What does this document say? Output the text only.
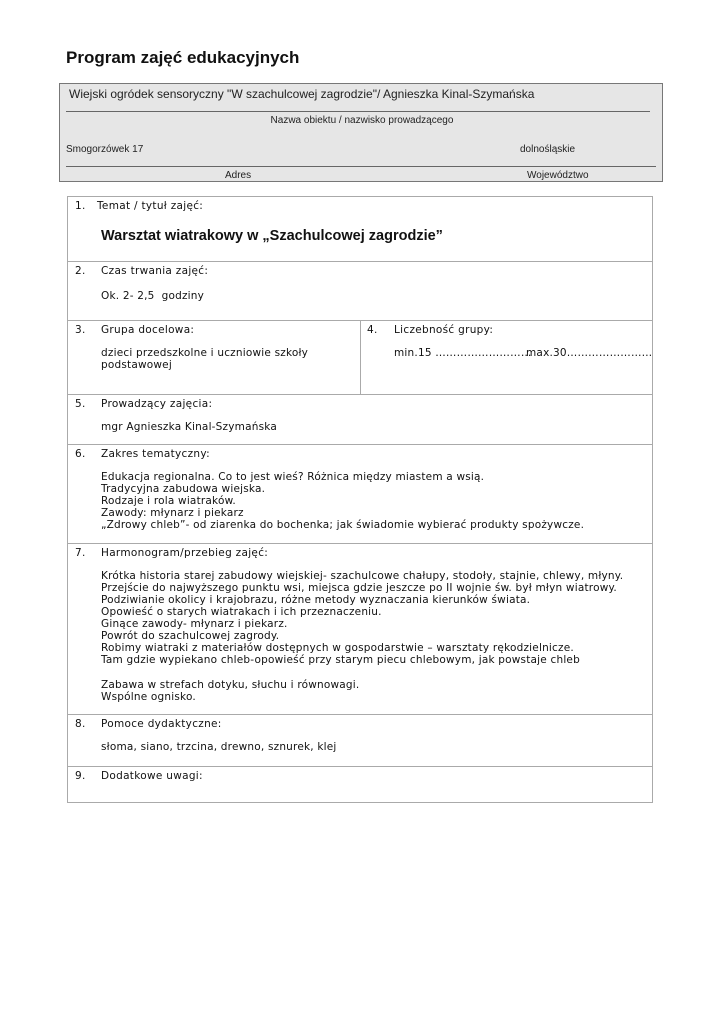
Program zajęć edukacyjnych
Wiejski ogródek sensoryczny "W szachulcowej zagrodzie"/ Agnieszka Kinal-Szymańska
Nazwa obiektu / nazwisko prowadzącego
Smogorzówek 17	dolnośląskie
Adres	Województwo
1. Temat / tytuł zajęć:
Warsztat wiatrakowy w „Szachulcowej zagrodzie”
2. Czas trwania zajęć:
Ok. 2- 2,5  godziny
3. Grupa docelowa:
dzieci przedszkolne i uczniowie szkoły
podstawowej
4. Liczebność grupy:
min.15 ………………………
max.30……………………
5. Prowadzący zajęcia:
mgr Agnieszka Kinal-Szymańska
6. Zakres tematyczny:
Edukacja regionalna. Co to jest wieś? Różnica między miastem a wsią.
Tradycyjna zabudowa wiejska.
Rodzaje i rola wiatraków.
Zawody: młynarz i piekarz
„Zdrowy chleb”- od ziarenka do bochenka; jak świadomie wybierać produkty spożywcze.
7. Harmonogram/przebieg zajęć:
Krótka historia starej zabudowy wiejskiej- szachulcowe chałupy, stodoły, stajnie, chlewy, młyny.
Przejście do najwyższego punktu wsi, miejsca gdzie jeszcze po II wojnie św. był młyn wiatrowy.
Podziwianie okolicy i krajobrazu, różne metody wyznaczania kierunków świata.
Opowieść o starych wiatrakach i ich przeznaczeniu.
Ginące zawody- młynarz i piekarz.
Powrót do szachulcowej zagrody.
Robimy wiatraki z materiałów dostępnych w gospodarstwie – warsztaty rękodzielnicze.
Tam gdzie wypiekano chleb-opowieść przy starym piecu chlebowym, jak powstaje chleb
Zabawa w strefach dotyku, słuchu i równowagi.
Wspólne ognisko.
8. Pomoce dydaktyczne:
słoma, siano, trzcina, drewno, sznurek, klej
9. Dodatkowe uwagi:
